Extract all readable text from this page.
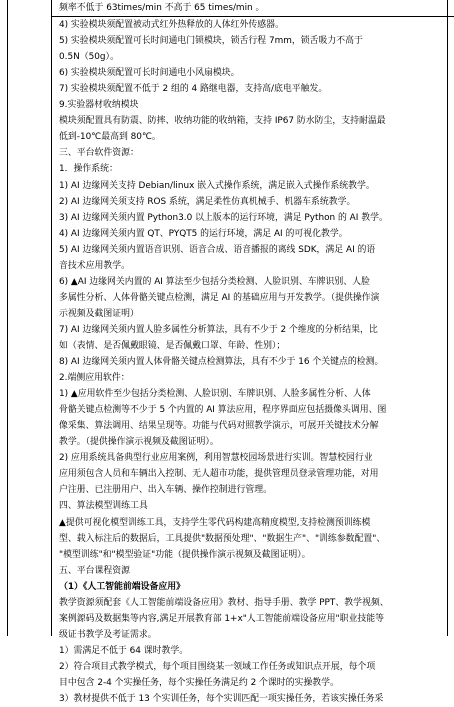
频率不低于 63times/min 不高于 65 times/min 。
4) 实验模块须配置被动式红外热释放的人体红外传感器。
5) 实验模块须配置可长时间通电门锁模块，锁舌行程 7mm，锁舌吸力不高于
0.5N（50g）。
6) 实验模块须配置可长时间通电小风扇模块。
7) 实验模块须配置不低于 2 组的 4 路继电器，支持高/底电平触发。
9.实验器材收纳模块
模块须配置具有防震、防摔、收纳功能的收纳箱，支持 IP67 防水防尘，支持耐温最
低到-10℃最高到 80℃。
三、平台软件资源：
1．操作系统：
1) AI 边缘网关支持 Debian/linux 嵌入式操作系统，满足嵌入式操作系统教学。
2) AI 边缘网关须支持 ROS 系统，满足柔性仿真机械手、机器车系统教学。
3) AI 边缘网关须内置 Python3.0 以上版本的运行环境，满足 Python 的 AI 教学。
4) AI 边缘网关须内置 QT、PYQT5 的运行环境，满足 AI 的可视化教学。
5) AI 边缘网关须内置语音识别、语音合成、语音播报的离线 SDK，满足 AI 的语
音技术应用教学。
6) ▲AI 边缘网关内置的 AI 算法至少包括分类检测、人脸识别、车牌识别、人脸
多属性分析、人体骨骼关键点检测，满足 AI 的基础应用与开发教学。（提供操作演
示视频及截图证明）
7) AI 边缘网关须内置人脸多属性分析算法，具有不少于 2 个维度的分析结果，比
如（表情、是否佩戴眼镜、是否佩戴口罩、年龄、性别）；
8) AI 边缘网关须内置人体骨骼关键点检测算法，具有不少于 16 个关键点的检测。
2.端侧应用软件：
1) ▲应用软件至少包括分类检测、人脸识别、车牌识别、人脸多属性分析、人体
骨骼关键点检测等不少于 5 个内置的 AI 算法应用，程序界面应包括摄像头调用、图
像采集、算法调用、结果呈现等。功能与代码对照教学演示，可展开关键技术分解
教学。（提供操作演示视频及截图证明）。
2) 应用系统具备典型行业应用案例，利用智慧校园场景进行实训。智慧校园行业
应用须包含人员和车辆出入控制、无人超市功能，提供管理员登录管理功能，对用
户注册、已注册用户、出入车辆、操作控制进行管理。
四、算法模型训练工具
▲提供可视化模型训练工具，支持学生零代码构建高精度模型,支持检测预训练模
型、载入标注后的数据后，工具提供"数据预处理"、"数据生产"、"训练参数配置"、
"模型训练"和"模型验证"功能（提供操作演示视频及截图证明）。
五、平台课程资源
（1）《人工智能前端设备应用》
教学资源须配套《人工智能前端设备应用》教材、指导手册、教学 PPT、教学视频、
案例源码及数据集等内容,满足开展教育部 1+x"人工智能前端设备应用"职业技能等
级证书教学及考证需求。
1）需满足不低于 64 课时教学。
2）符合项目式教学模式，每个项目围绕某一领域工作任务或知识点开展，每个项
目中包含 2-4 个实操任务，每个实操任务满足约 2 个课时的实操教学。
3）教材提供不低于 13 个实训任务，每个实训匹配一项实操任务，若该实操任务采
